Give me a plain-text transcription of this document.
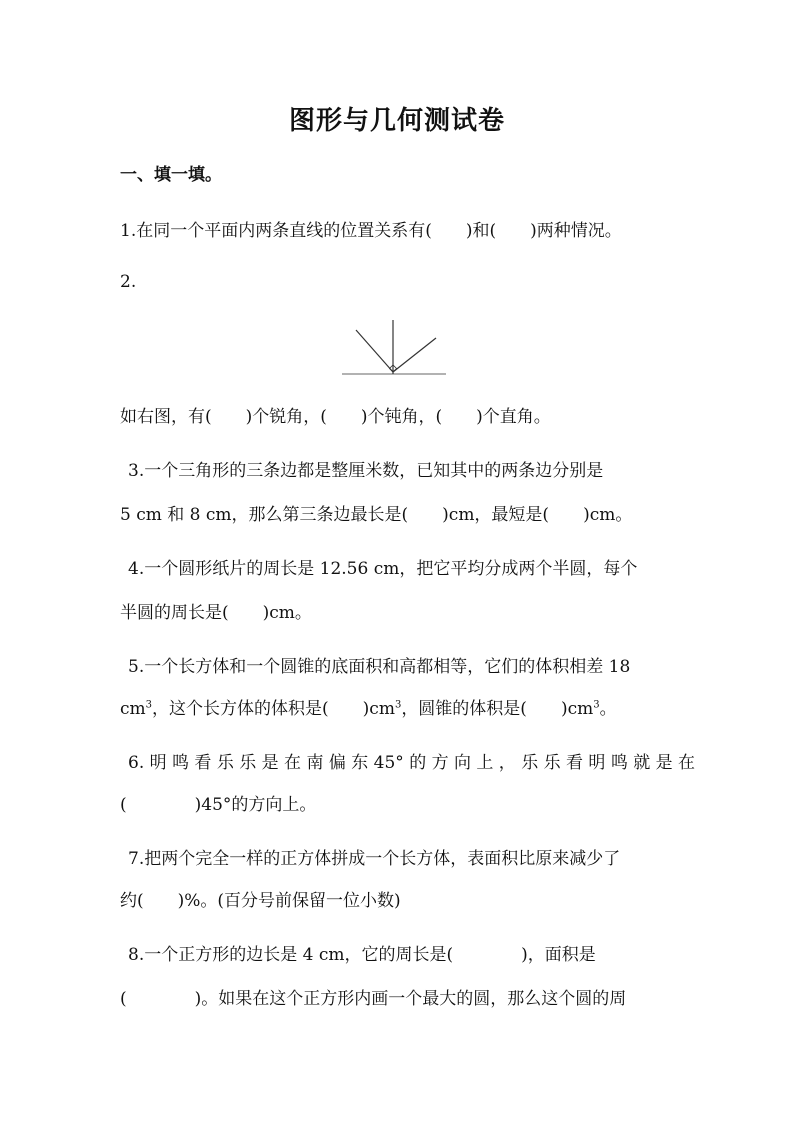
图形与几何测试卷
一、填一填。
1.在同一个平面内两条直线的位置关系有(　　)和(　　)两种情况。
2.
如右图，有(　　)个锐角，(　　)个钝角，(　　)个直角。
3.一个三角形的三条边都是整厘米数，已知其中的两条边分别是
5 cm 和 8 cm，那么第三条边最长是(　　)cm，最短是(　　)cm。
4.一个圆形纸片的周长是 12.56 cm，把它平均分成两个半圆，每个
半圆的周长是(　　)cm。
5.一个长方体和一个圆锥的底面积和高都相等，它们的体积相差 18
$cm^3$，这个长方体的体积是(　　)$cm^3$，圆锥的体积是(　　)$cm^3$。
6. 明 鸣 看 乐 乐 是 在 南 偏 东 45° 的 方 向 上 ， 乐 乐 看 明 鸣 就 是 在
(　　　　)45°的方向上。
7.把两个完全一样的正方体拼成一个长方体，表面积比原来减少了
约(　　)%。(百分号前保留一位小数)
8.一个正方形的边长是 4 cm，它的周长是(　　　　)，面积是
(　　　　)。如果在这个正方形内画一个最大的圆，那么这个圆的周
